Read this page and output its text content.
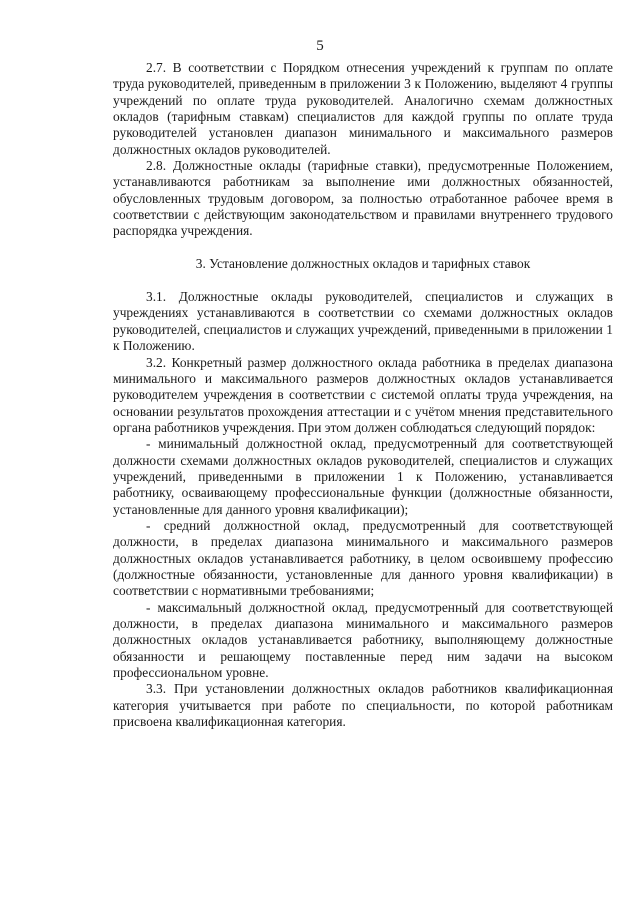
5

2.7. В соответствии с Порядком отнесения учреждений к группам по оплате труда руководителей, приведенным в приложении 3 к Положению, выделяют 4 группы учреждений по оплате труда руководителей. Аналогично схемам должностных окладов (тарифным ставкам) специалистов для каждой группы по оплате труда руководителей установлен диапазон минимального и максимального размеров должностных окладов руководителей.

2.8. Должностные оклады (тарифные ставки), предусмотренные Положением, устанавливаются работникам за выполнение ими должностных обязанностей, обусловленных трудовым договором, за полностью отработанное рабочее время в соответствии с действующим законодательством и правилами внутреннего трудового распорядка учреждения.

3. Установление должностных окладов и тарифных ставок

3.1. Должностные оклады руководителей, специалистов и служащих в учреждениях устанавливаются в соответствии со схемами должностных окладов руководителей, специалистов и служащих учреждений, приведенными в приложении 1 к Положению.

3.2. Конкретный размер должностного оклада работника в пределах диапазона минимального и максимального размеров должностных окладов устанавливается руководителем учреждения в соответствии с системой оплаты труда учреждения, на основании результатов прохождения аттестации и с учётом мнения представительного органа работников учреждения. При этом должен соблюдаться следующий порядок:

- минимальный должностной оклад, предусмотренный для соответствующей должности схемами должностных окладов руководителей, специалистов и служащих учреждений, приведенными в приложении 1 к Положению, устанавливается работнику, осваивающему профессиональные функции (должностные обязанности, установленные для данного уровня квалификации);

- средний должностной оклад, предусмотренный для соответствующей должности, в пределах диапазона минимального и максимального размеров должностных окладов устанавливается работнику, в целом освоившему профессию (должностные обязанности, установленные для данного уровня квалификации) в соответствии с нормативными требованиями;

- максимальный должностной оклад, предусмотренный для соответствующей должности, в пределах диапазона минимального и максимального размеров должностных окладов устанавливается работнику, выполняющему должностные обязанности и решающему поставленные перед ним задачи на высоком профессиональном уровне.

3.3. При установлении должностных окладов работников квалификационная категория учитывается при работе по специальности, по которой работникам присвоена квалификационная категория.
